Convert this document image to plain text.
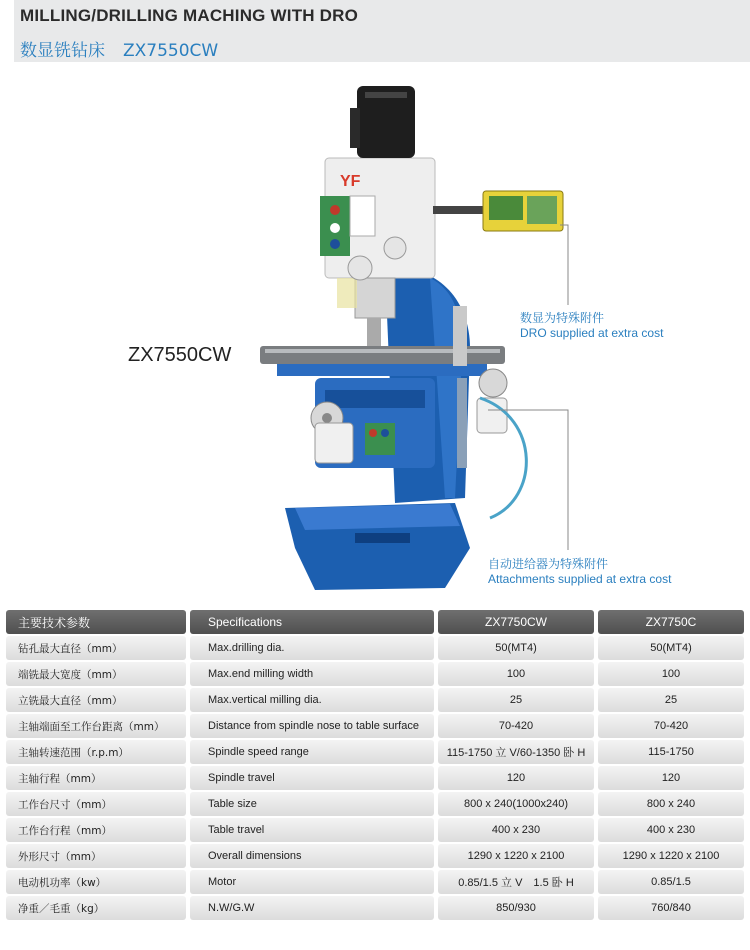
MILLING/DRILLING MACHING WITH DRO
数显铣钻床 ZX7550CW
ZX7550CW
YF
数显为特殊附件
DRO supplied at extra cost
自动进给器为特殊附件
Attachments supplied at extra cost
主要技术参数	Specifications	ZX7750CW	ZX7750C

钻孔最大直径（mm）	Max.drilling dia.	50(MT4)	50(MT4)

端铣最大宽度（mm）	Max.end milling width	100	100

立铣最大直径（mm）	Max.vertical milling dia.	25	25

主轴端面至工作台距离（mm）	Distance from spindle nose to table surface	70-420	70-420

主轴转速范围（r.p.m）	Spindle speed range	115-1750 立 V/60-1350 卧 H	115-1750

主轴行程（mm）	Spindle travel	120	120

工作台尺寸（mm）	Table size	800 x 240(1000x240)	800 x 240

工作台行程（mm）	Table travel	400 x 230	400 x 230

外形尺寸（mm）	Overall dimensions	1290 x 1220 x 2100	1290 x 1220 x 2100

电动机功率（kw）	Motor	0.85/1.5 立 V　1.5 卧 H	0.85/1.5

净重／毛重（kg）	N.W/G.W	850/930	760/840
